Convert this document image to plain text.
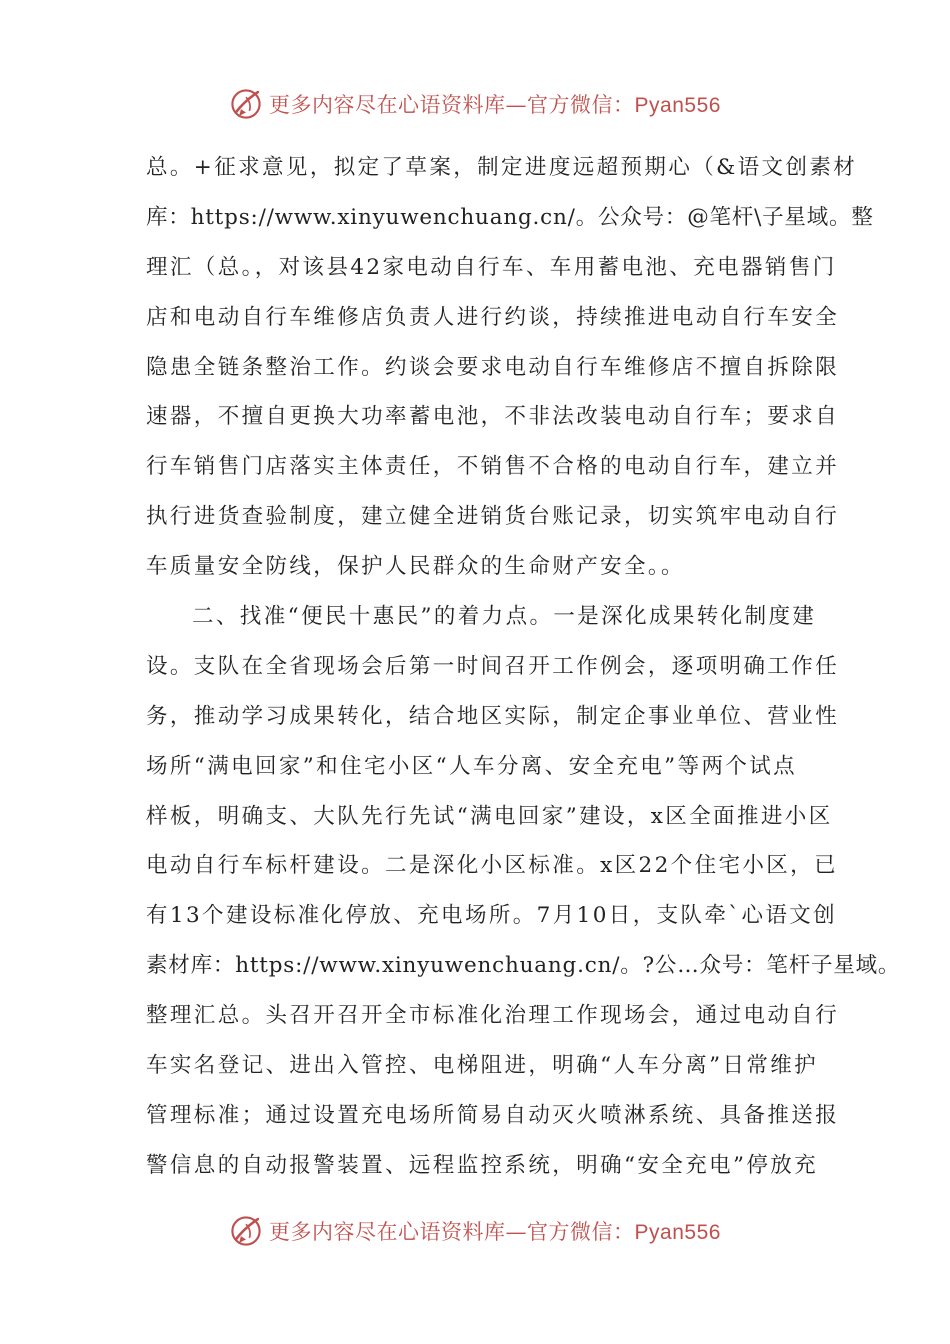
更多内容尽在心语资料库—官方微信：Pyan556
总。+征求意见，拟定了草案，制定进度远超预期心（&语文创素材
库：https://www.xinyuwenchuang.cn/。公众号：@笔杆\子星域。整
理汇（总。，对该县42家电动自行车、车用蓄电池、充电器销售门
店和电动自行车维修店负责人进行约谈，持续推进电动自行车安全
隐患全链条整治工作。约谈会要求电动自行车维修店不擅自拆除限
速器，不擅自更换大功率蓄电池，不非法改装电动自行车；要求自
行车销售门店落实主体责任，不销售不合格的电动自行车，建立并
执行进货查验制度，建立健全进销货台账记录，切实筑牢电动自行
车质量安全防线，保护人民群众的生命财产安全。。
二、找准“便民十惠民”的着力点。一是深化成果转化制度建
设。支队在全省现场会后第一时间召开工作例会，逐项明确工作任
务，推动学习成果转化，结合地区实际，制定企事业单位、营业性
场所“满电回家”和住宅小区“人车分离、安全充电”等两个试点
样板，明确支、大队先行先试“满电回家”建设，x区全面推进小区
电动自行车标杆建设。二是深化小区标准。x区22个住宅小区，已
有13个建设标准化停放、充电场所。7月10日，支队牵`心语文创
素材库：https://www.xinyuwenchuang.cn/。?公…众号：笔杆子星域。
整理汇总。头召开召开全市标准化治理工作现场会，通过电动自行
车实名登记、进出入管控、电梯阻进，明确“人车分离”日常维护
管理标准；通过设置充电场所简易自动灭火喷淋系统、具备推送报
警信息的自动报警装置、远程监控系统，明确“安全充电”停放充
更多内容尽在心语资料库—官方微信：Pyan556
